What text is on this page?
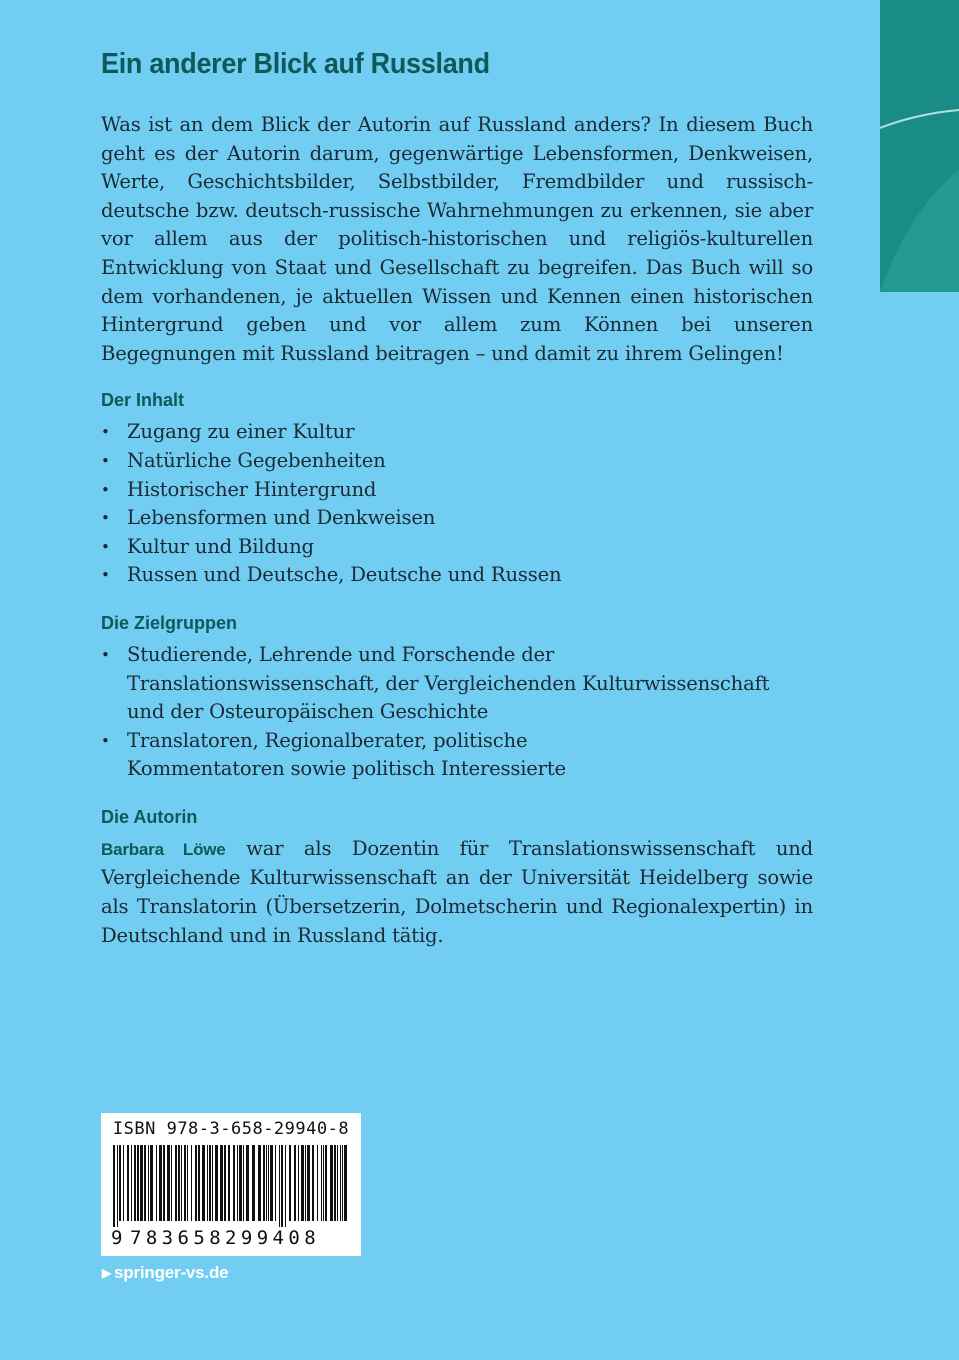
Ein anderer Blick auf Russland

Was ist an dem Blick der Autorin auf Russland anders? In diesem Buch geht es der Autorin darum, gegenwärtige Lebensformen, Denkweisen, Werte, Geschichtsbilder, Selbstbilder, Fremdbilder und russisch-deutsche bzw. deutsch-russische Wahrnehmungen zu erkennen, sie aber vor allem aus der politisch-historischen und religiös-kulturellen Entwicklung von Staat und Gesellschaft zu begreifen. Das Buch will so dem vorhandenen, je aktuellen Wissen und Kennen einen historischen Hintergrund geben und vor allem zum Können bei unseren Begegnungen mit Russland beitragen – und damit zu ihrem Gelingen!

Der Inhalt
• Zugang zu einer Kultur
• Natürliche Gegebenheiten
• Historischer Hintergrund
• Lebensformen und Denkweisen
• Kultur und Bildung
• Russen und Deutsche, Deutsche und Russen
Die Zielgruppen
• Studierende, Lehrende und Forschende der Translationswissenschaft, der Vergleichenden Kulturwissenschaft und der Osteuropäischen Geschichte
• Translatoren, Regionalberater, politische Kommentatoren sowie politisch Interessierte
Die Autorin

Barbara Löwe war als Dozentin für Translationswissenschaft und Vergleichende Kulturwissenschaft an der Universität Heidelberg sowie als Translatorin (Übersetzerin, Dolmetscherin und Regionalexpertin) in Deutschland und in Russland tätig.

ISBN 978-3-658-29940-8
9 783658299408
▶ springer-vs.de
